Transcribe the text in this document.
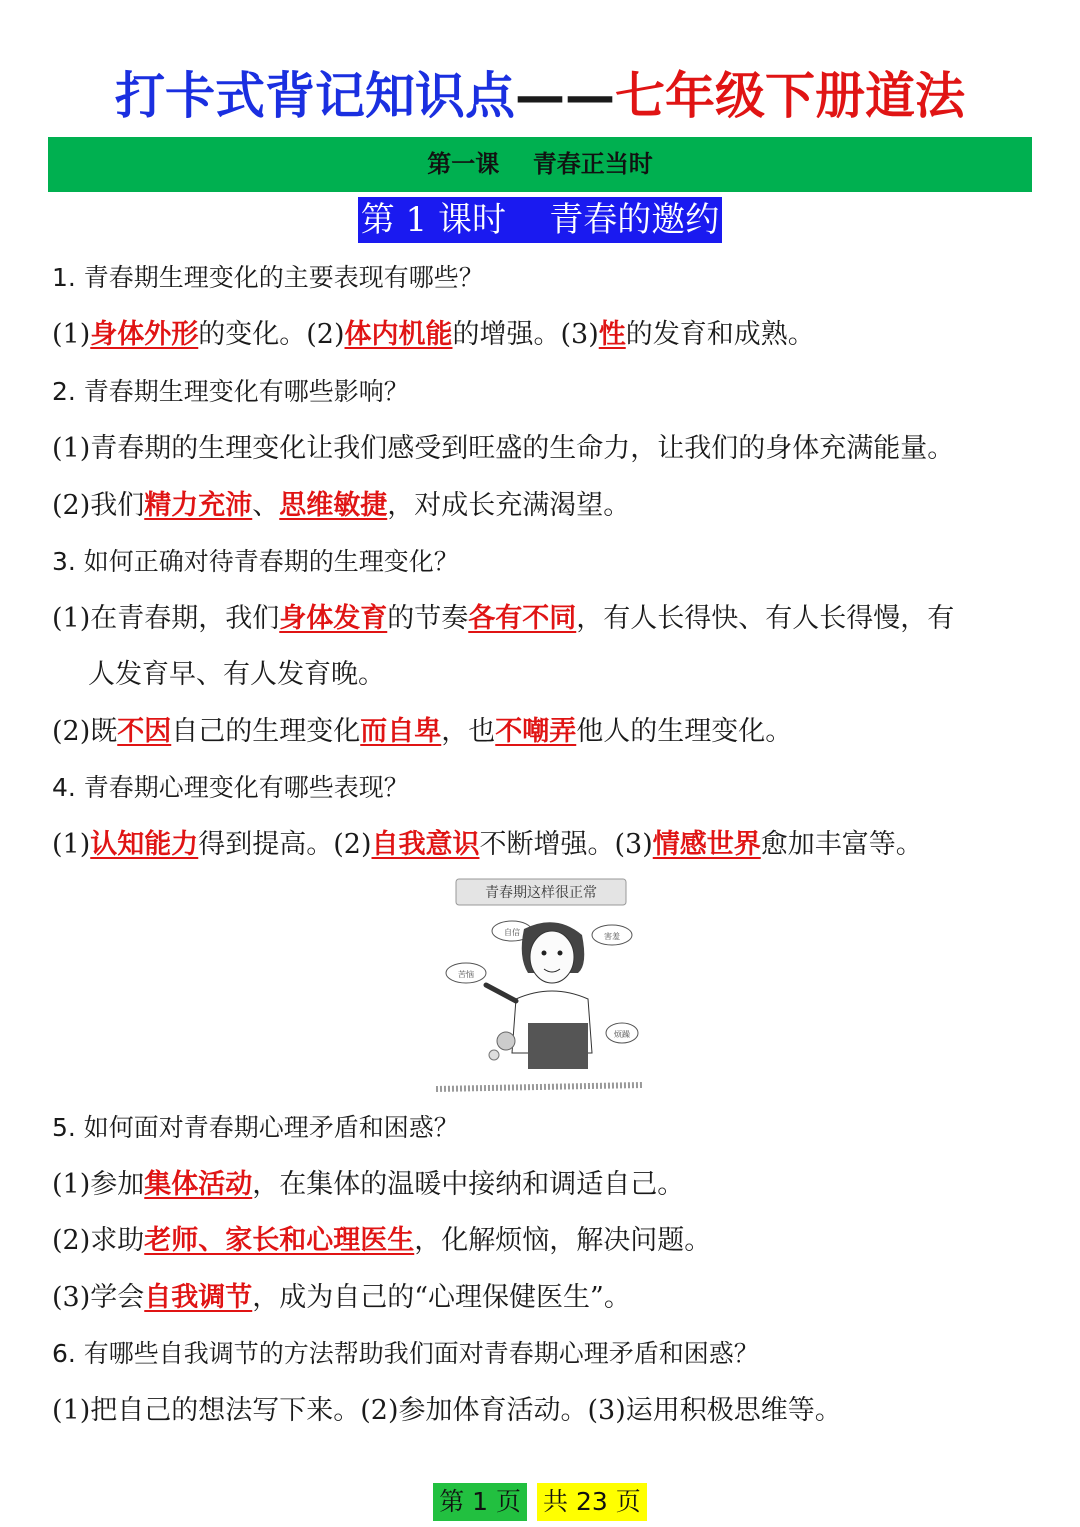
打卡式背记知识点——七年级下册道法
第一课    青春正当时
第 1 课时    青春的邀约
1. 青春期生理变化的主要表现有哪些？
(1)身体外形的变化。(2)体内机能的增强。(3)性的发育和成熟。
2. 青春期生理变化有哪些影响？
(1)青春期的生理变化让我们感受到旺盛的生命力，让我们的身体充满能量。
(2)我们精力充沛、思维敏捷，对成长充满渴望。
3. 如何正确对待青春期的生理变化？
(1)在青春期，我们身体发育的节奏各有不同，有人长得快、有人长得慢，有
人发育早、有人发育晚。
(2)既不因自己的生理变化而自卑，也不嘲弄他人的生理变化。
4. 青春期心理变化有哪些表现？
(1)认知能力得到提高。(2)自我意识不断增强。(3)情感世界愈加丰富等。
青春期这样很正常
自信
苦恼
害羞
烦躁
5. 如何面对青春期心理矛盾和困惑？
(1)参加集体活动，在集体的温暖中接纳和调适自己。
(2)求助老师、家长和心理医生，化解烦恼，解决问题。
(3)学会自我调节，成为自己的“心理保健医生”。
6. 有哪些自我调节的方法帮助我们面对青春期心理矛盾和困惑？
(1)把自己的想法写下来。(2)参加体育活动。(3)运用积极思维等。
第 1 页 共 23 页
